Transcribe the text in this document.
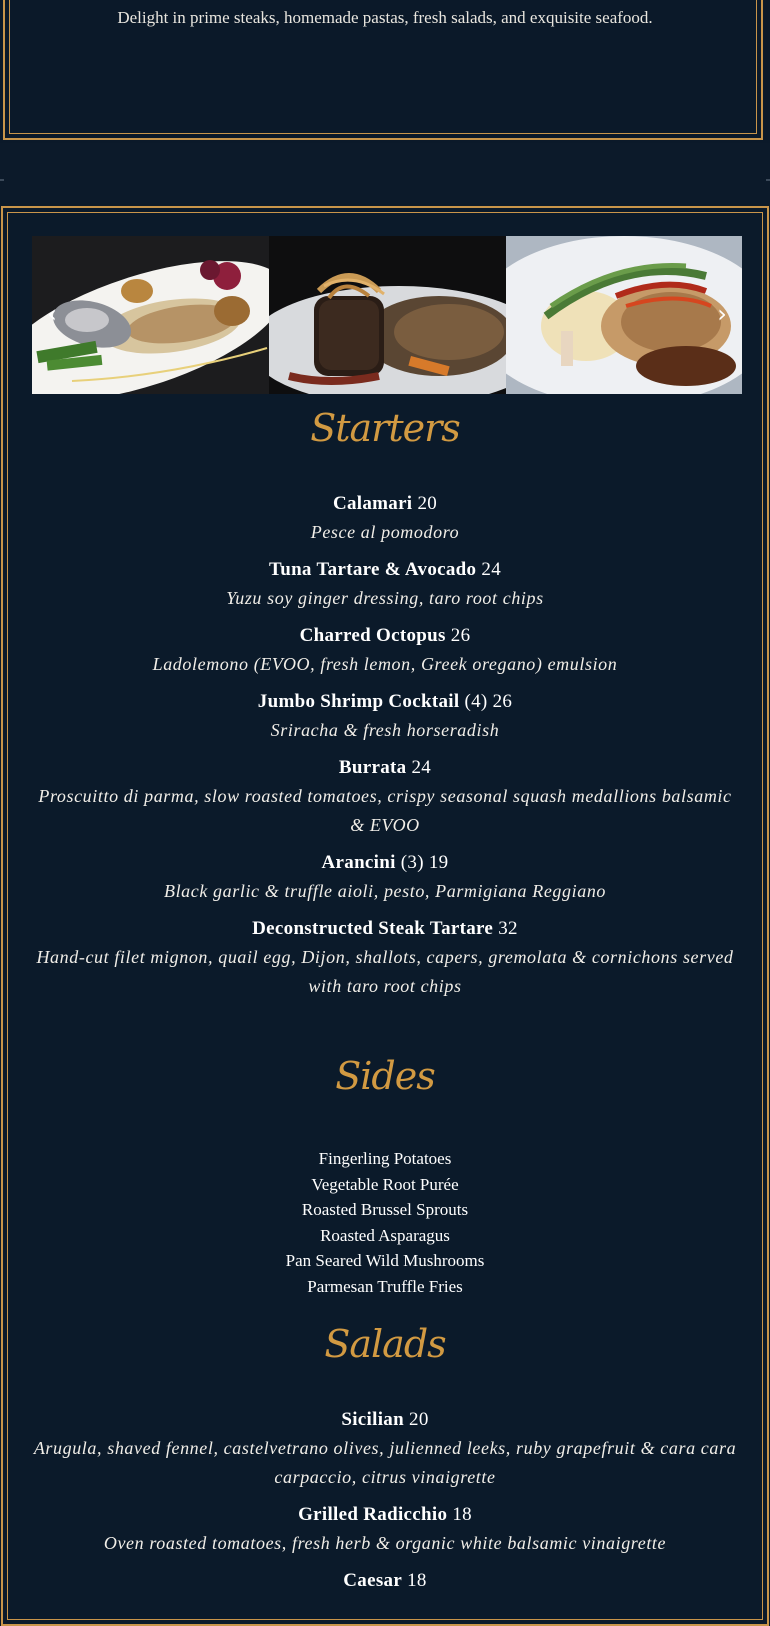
Delight in prime steaks, homemade pastas, fresh salads, and exquisite seafood.
‹	›
Starters
Calamari 20
Pesce al pomodoro
Tuna Tartare & Avocado 24
Yuzu soy ginger dressing, taro root chips
Charred Octopus 26
Ladolemono (EVOO, fresh lemon, Greek oregano) emulsion
Jumbo Shrimp Cocktail (4) 26
Sriracha & fresh horseradish
Burrata 24
Proscuitto di parma, slow roasted tomatoes, crispy seasonal squash medallions balsamic & EVOO
Arancini (3) 19
Black garlic & truffle aioli, pesto, Parmigiana Reggiano
Deconstructed Steak Tartare 32
Hand-cut filet mignon, quail egg, Dijon, shallots, capers, gremolata & cornichons served with taro root chips
Sides
Fingerling Potatoes
Vegetable Root Purée
Roasted Brussel Sprouts
Roasted Asparagus
Pan Seared Wild Mushrooms
Parmesan Truffle Fries
Salads
Sicilian 20
Arugula, shaved fennel, castelvetrano olives, julienned leeks, ruby grapefruit & cara cara carpaccio, citrus vinaigrette
Grilled Radicchio 18
Oven roasted tomatoes, fresh herb & organic white balsamic vinaigrette
Caesar 18
